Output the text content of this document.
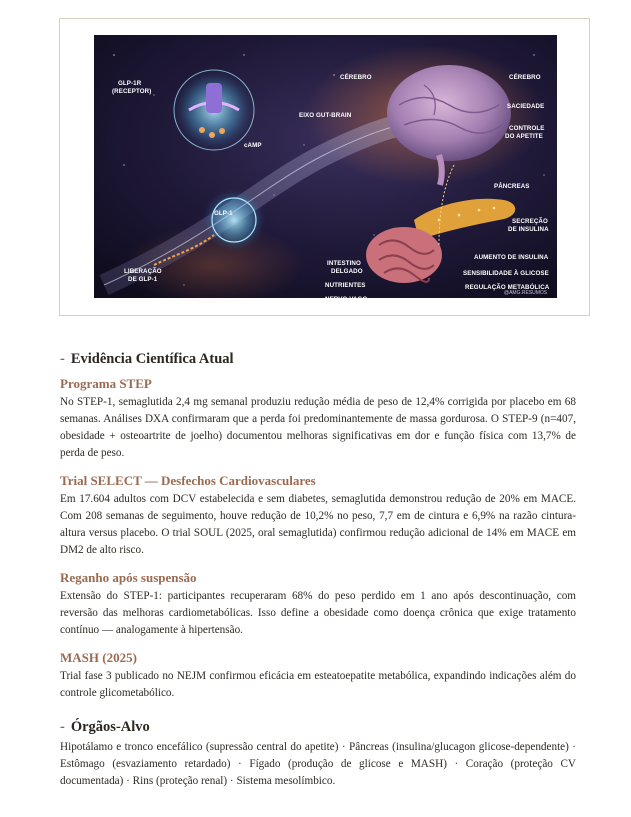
GLP-1R
(RECEPTOR)
cAMP
EIXO GUT-BRAIN
CÉREBRO	CÉREBRO
SACIEDADE
CONTROLE
DO APETITE
GLP-1
LIBERAÇÃO
DE GLP-1
PÂNCREAS
SECREÇÃO
DE INSULINA
AUMENTO DE INSULINA
INTESTINO
DELGADO	SENSIBILIDADE À GLICOSE
NUTRIENTES	REGULAÇÃO METABÓLICA
NERVO VAGO
@AMG.RESUMOS
- Evidência Científica Atual
Programa STEP

No STEP-1, semaglutida 2,4 mg semanal produziu redução média de peso de 12,4% corrigida por placebo em 68 semanas. Análises DXA confirmaram que a perda foi predominantemente de massa gordurosa. O STEP-9 (n=407, obesidade + osteoartrite de joelho) documentou melhoras significativas em dor e função física com 13,7% de perda de peso.

Trial SELECT — Desfechos Cardiovasculares

Em 17.604 adultos com DCV estabelecida e sem diabetes, semaglutida demonstrou redução de 20% em MACE. Com 208 semanas de seguimento, houve redução de 10,2% no peso, 7,7 em de cintura e 6,9% na razão cintura-altura versus placebo. O trial SOUL (2025, oral semaglutida) confirmou redução adicional de 14% em MACE em DM2 de alto risco.

Reganho após suspensão

Extensão do STEP-1: participantes recuperaram 68% do peso perdido em 1 ano após descontinuação, com reversão das melhoras cardiometabólicas. Isso define a obesidade como doença crônica que exige tratamento contínuo — analogamente à hipertensão.

MASH (2025)

Trial fase 3 publicado no NEJM confirmou eficácia em esteatoepatite metabólica, expandindo indicações além do controle glicometabólico.

- Órgãos-Alvo

Hipotálamo e tronco encefálico (supressão central do apetite) · Pâncreas (insulina/glucagon glicose-dependente) · Estômago (esvaziamento retardado) · Fígado (produção de glicose e MASH) · Coração (proteção CV documentada) · Rins (proteção renal) · Sistema mesolímbico.
